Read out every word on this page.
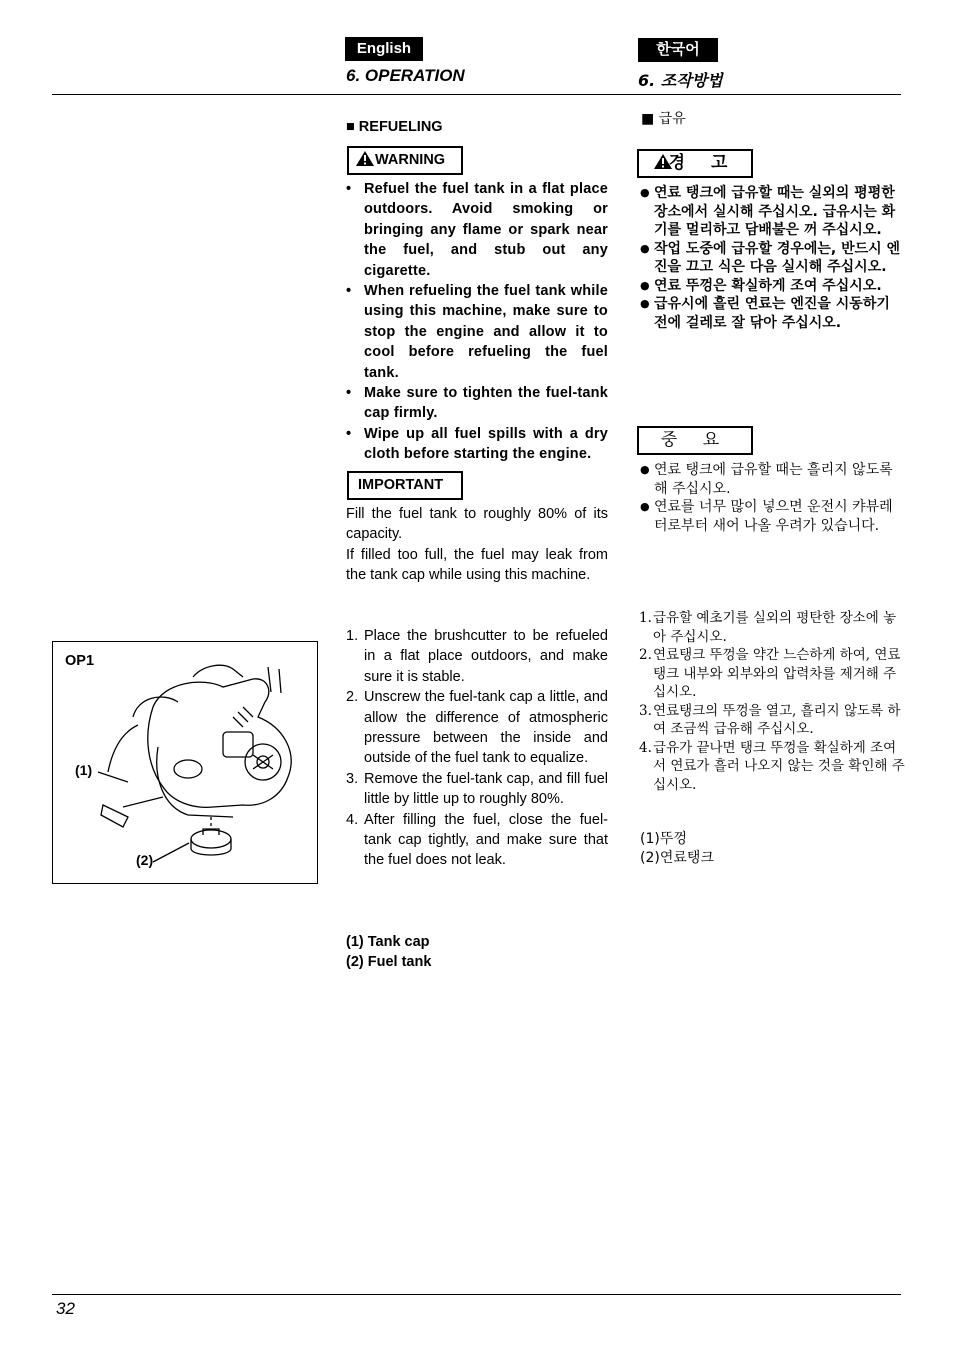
English	한국어
6. OPERATION	6. 조작방법
■ REFUELING
WARNING
• Refuel the fuel tank in a flat place outdoors. Avoid smoking or bringing any flame or spark near the fuel, and stub out any cigarette.
• When refueling the fuel tank while using this machine, make sure to stop the engine and allow it to cool before refueling the fuel tank.
• Make sure to tighten the fuel-tank cap firmly.
• Wipe up all fuel spills with a dry cloth before starting the engine.
IMPORTANT
Fill the fuel tank to roughly 80% of its capacity.
If filled too full, the fuel may leak from the tank cap while using this machine.
1. Place the brushcutter to be refueled in a flat place outdoors, and make sure it is stable.
2. Unscrew the fuel-tank cap a little, and allow the difference of atmospheric pressure between the inside and outside of the fuel tank to equalize.
3. Remove the fuel-tank cap, and fill fuel little by little up to roughly 80%.
4. After filling the fuel, close the fuel-tank cap tightly, and make sure that the fuel does not leak.
(1) Tank cap
(2) Fuel tank
OP1
(1)
(2)
■ 급유
경 고
● 연료 탱크에 급유할 때는 실외의 평평한 장소에서 실시해 주십시오. 급유시는 화기를 멀리하고 담배불은 꺼 주십시오.
● 작업 도중에 급유할 경우에는, 반드시 엔진을 끄고 식은 다음 실시해 주십시오.
● 연료 뚜껑은 확실하게 조여 주십시오.
● 급유시에 흘린 연료는 엔진을 시동하기 전에 걸레로 잘 닦아 주십시오.
중 요
● 연료 탱크에 급유할 때는 흘리지 않도록 해 주십시오.
● 연료를 너무 많이 넣으면 운전시 캬뷰레터로부터 새어 나올 우려가 있습니다.
1. 급유할 예초기를 실외의 평탄한 장소에 놓아 주십시오.
2. 연료탱크 뚜껑을 약간 느슨하게 하여, 연료탱크 내부와 외부와의 압력차를 제거해 주십시오.
3. 연료탱크의 뚜껑을 열고, 흘리지 않도록 하여 조금씩 급유해 주십시오.
4. 급유가 끝나면 탱크 뚜껑을 확실하게 조여서 연료가 흘러 나오지 않는 것을 확인해 주십시오.
(1)뚜껑
(2)연료탱크
32
